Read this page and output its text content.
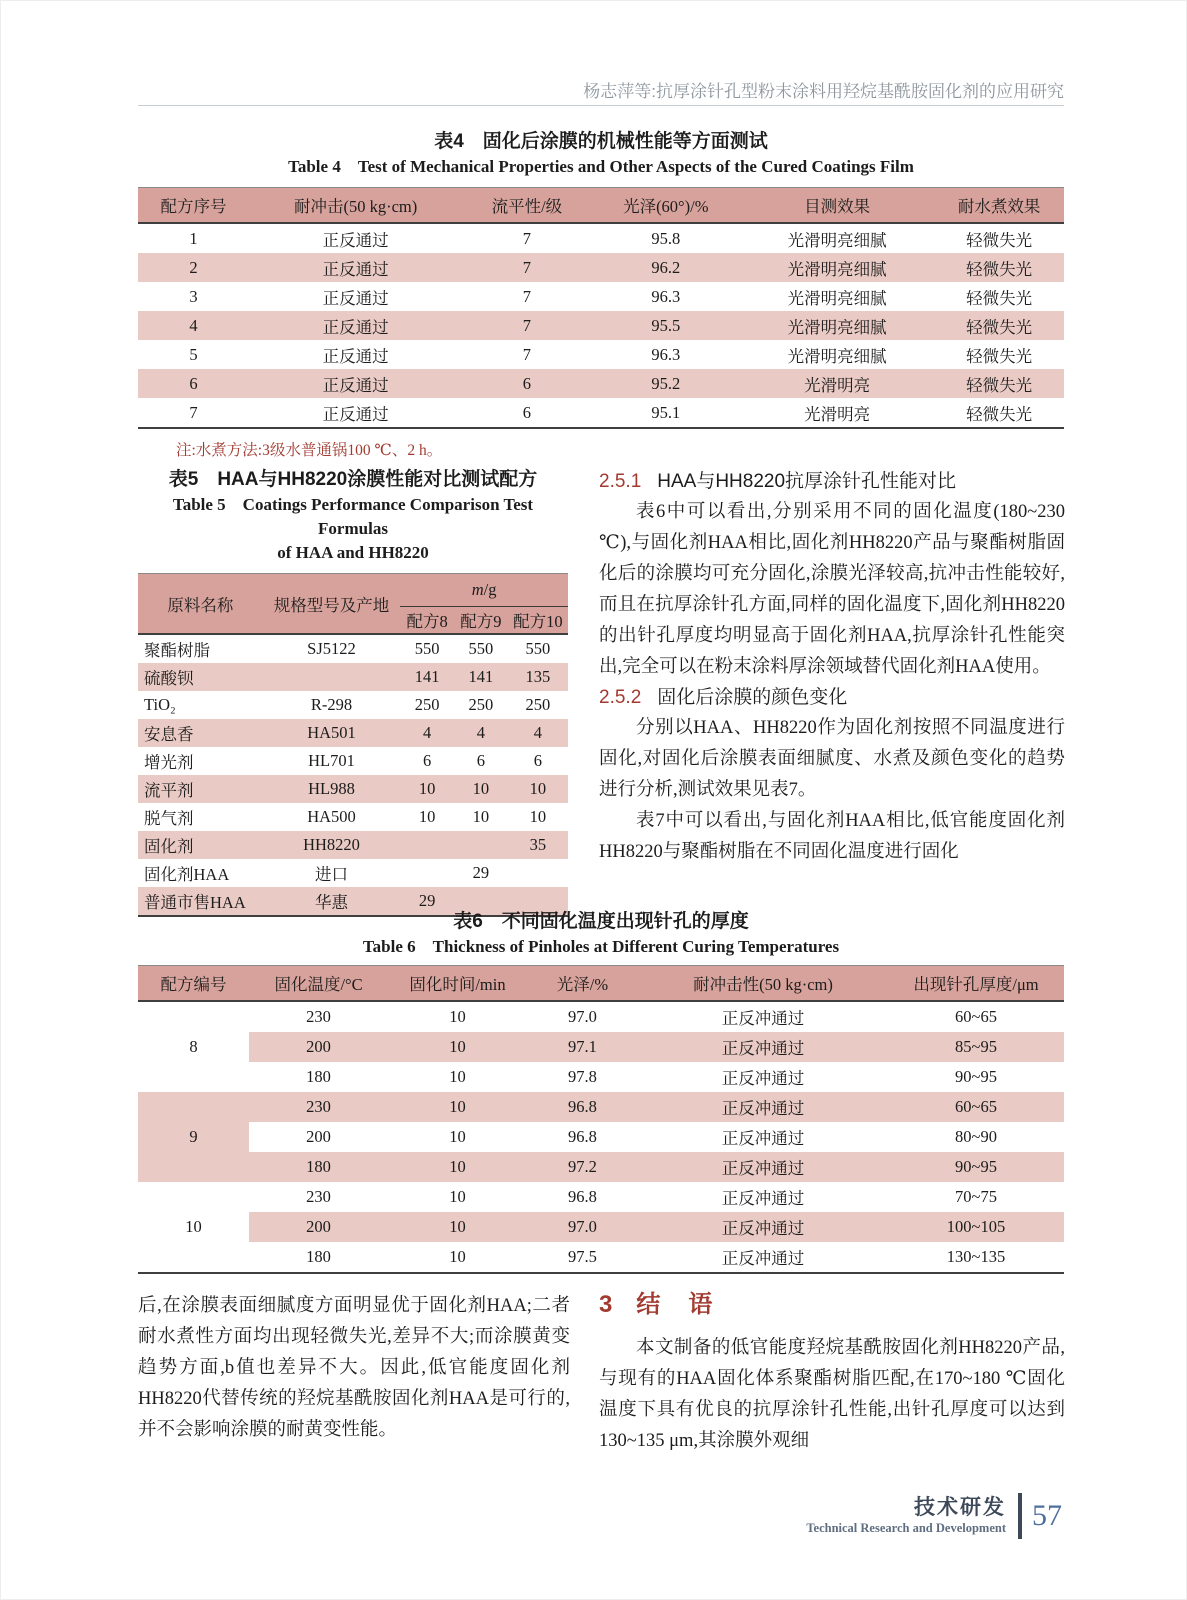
杨志萍等:抗厚涂针孔型粉末涂料用羟烷基酰胺固化剂的应用研究
表4　固化后涂膜的机械性能等方面测试
Table 4  Test of Mechanical Properties and Other Aspects of the Cured Coatings Film
配方序号	耐冲击(50 kg·cm)	流平性/级	光泽(60°)/%	目测效果	耐水煮效果
1	正反通过	7	95.8	光滑明亮细腻	轻微失光
2	正反通过	7	96.2	光滑明亮细腻	轻微失光
3	正反通过	7	96.3	光滑明亮细腻	轻微失光
4	正反通过	7	95.5	光滑明亮细腻	轻微失光
5	正反通过	7	96.3	光滑明亮细腻	轻微失光
6	正反通过	6	95.2	光滑明亮	轻微失光
7	正反通过	6	95.1	光滑明亮	轻微失光
注:水煮方法:3级水普通锅100 ℃、2 h。
表5　HAA与HH8220涂膜性能对比测试配方
Table 5  Coatings Performance Comparison Test Formulas
of HAA and HH8220
原料名称	规格型号及产地	m/g		
		配方8	配方9	配方10
聚酯树脂	SJ5122	550	550	550
硫酸钡		141	141	135
TiO₂	R-298	250	250	250
安息香	HA501	4	4	4
增光剂	HL701	6	6	6
流平剂	HL988	10	10	10
脱气剂	HA500	10	10	10
固化剂	HH8220			35
固化剂HAA	进口		29	
普通市售HAA	华惠	29		

2.5.1 HAA与HH8220抗厚涂针孔性能对比

表6中可以看出,分别采用不同的固化温度(180~230 ℃),与固化剂HAA相比,固化剂HH8220产品与聚酯树脂固化后的涂膜均可充分固化,涂膜光泽较高,抗冲击性能较好,而且在抗厚涂针孔方面,同样的固化温度下,固化剂HH8220的出针孔厚度均明显高于固化剂HAA,抗厚涂针孔性能突出,完全可以在粉末涂料厚涂领域替代固化剂HAA使用。

2.5.2 固化后涂膜的颜色变化

分别以HAA、HH8220作为固化剂按照不同温度进行固化,对固化后涂膜表面细腻度、水煮及颜色变化的趋势进行分析,测试效果见表7。

表7中可以看出,与固化剂HAA相比,低官能度固化剂HH8220与聚酯树脂在不同固化温度进行固化

表6　不同固化温度出现针孔的厚度
Table 6  Thickness of Pinholes at Different Curing Temperatures
配方编号	固化温度/°C	固化时间/min	光泽/%	耐冲击性(50 kg·cm)	出现针孔厚度/μm
8	230	10	97.0	正反冲通过	60~65
	200	10	97.1	正反冲通过	85~95
	180	10	97.8	正反冲通过	90~95
9	230	10	96.8	正反冲通过	60~65
	200	10	96.8	正反冲通过	80~90
	180	10	97.2	正反冲通过	90~95
10	230	10	96.8	正反冲通过	70~75
	200	10	97.0	正反冲通过	100~105
	180	10	97.5	正反冲通过	130~135

后,在涂膜表面细腻度方面明显优于固化剂HAA;二者耐水煮性方面均出现轻微失光,差异不大;而涂膜黄变趋势方面,b值也差异不大。因此,低官能度固化剂HH8220代替传统的羟烷基酰胺固化剂HAA是可行的,并不会影响涂膜的耐黄变性能。

3 结　语

本文制备的低官能度羟烷基酰胺固化剂HH8220产品,与现有的HAA固化体系聚酯树脂匹配,在170~180 ℃固化温度下具有优良的抗厚涂针孔性能,出针孔厚度可以达到130~135 μm,其涂膜外观细

技术研发
Technical Research and Development 57
